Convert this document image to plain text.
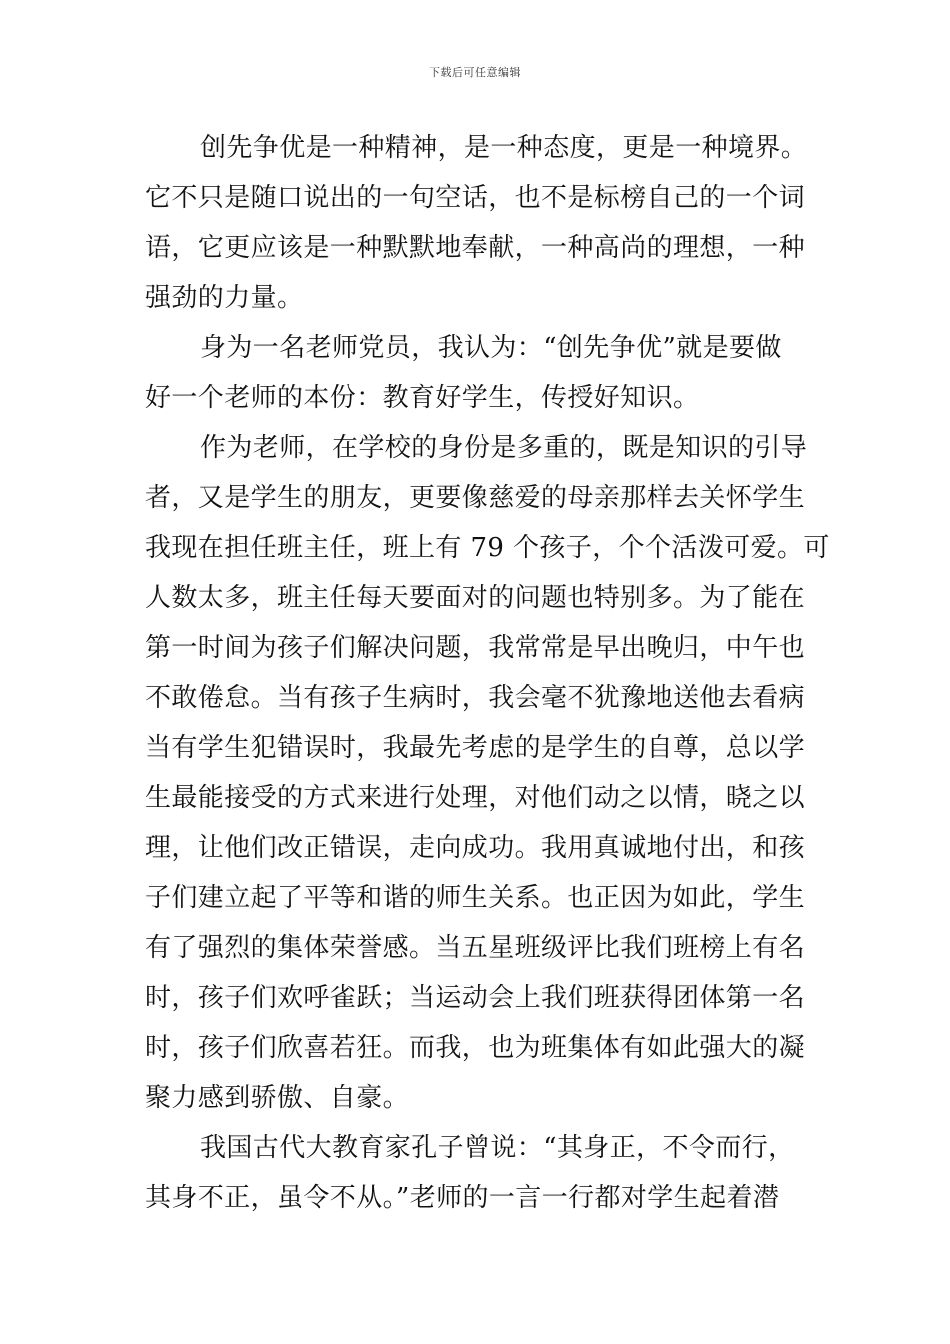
下载后可任意编辑
创先争优是一种精神，是一种态度，更是一种境界。
它不只是随口说出的一句空话，也不是标榜自己的一个词
语，它更应该是一种默默地奉献，一种高尚的理想，一种
强劲的力量。
身为一名老师党员，我认为：“创先争优”就是要做
好一个老师的本份：教育好学生，传授好知识。
作为老师，在学校的身份是多重的，既是知识的引导
者，又是学生的朋友，更要像慈爱的母亲那样去关怀学生
我现在担任班主任，班上有 79 个孩子，个个活泼可爱。可
人数太多，班主任每天要面对的问题也特别多。为了能在
第一时间为孩子们解决问题，我常常是早出晚归，中午也
不敢倦怠。当有孩子生病时，我会毫不犹豫地送他去看病
当有学生犯错误时，我最先考虑的是学生的自尊，总以学
生最能接受的方式来进行处理，对他们动之以情，晓之以
理，让他们改正错误，走向成功。我用真诚地付出，和孩
子们建立起了平等和谐的师生关系。也正因为如此，学生
有了强烈的集体荣誉感。当五星班级评比我们班榜上有名
时，孩子们欢呼雀跃；当运动会上我们班获得团体第一名
时，孩子们欣喜若狂。而我，也为班集体有如此强大的凝
聚力感到骄傲、自豪。
我国古代大教育家孔子曾说：“其身正，不令而行，
其身不正，虽令不从。”老师的一言一行都对学生起着潜
